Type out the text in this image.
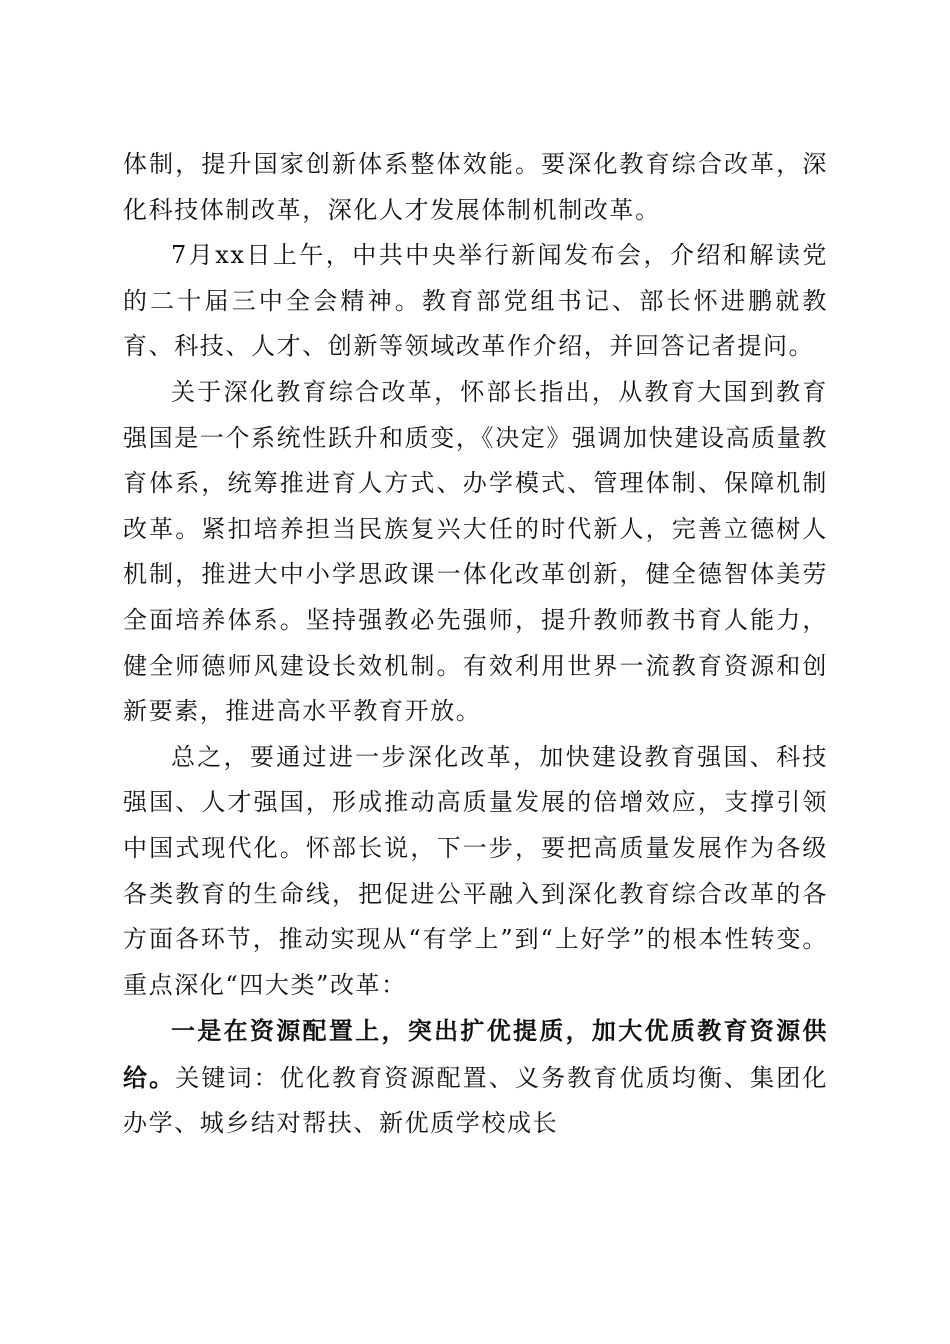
体制，提升国家创新体系整体效能。要深化教育综合改革，深化科技体制改革，深化人才发展体制机制改革。

7月xx日上午，中共中央举行新闻发布会，介绍和解读党的二十届三中全会精神。教育部党组书记、部长怀进鹏就教育、科技、人才、创新等领域改革作介绍，并回答记者提问。

关于深化教育综合改革，怀部长指出，从教育大国到教育强国是一个系统性跃升和质变，《决定》强调加快建设高质量教育体系，统筹推进育人方式、办学模式、管理体制、保障机制改革。紧扣培养担当民族复兴大任的时代新人，完善立德树人机制，推进大中小学思政课一体化改革创新，健全德智体美劳全面培养体系。坚持强教必先强师，提升教师教书育人能力，健全师德师风建设长效机制。有效利用世界一流教育资源和创新要素，推进高水平教育开放。

总之，要通过进一步深化改革，加快建设教育强国、科技强国、人才强国，形成推动高质量发展的倍增效应，支撑引领中国式现代化。怀部长说，下一步，要把高质量发展作为各级各类教育的生命线，把促进公平融入到深化教育综合改革的各方面各环节，推动实现从“有学上”到“上好学”的根本性转变。重点深化“四大类”改革：

一是在资源配置上，突出扩优提质，加大优质教育资源供给。关键词：优化教育资源配置、义务教育优质均衡、集团化办学、城乡结对帮扶、新优质学校成长
